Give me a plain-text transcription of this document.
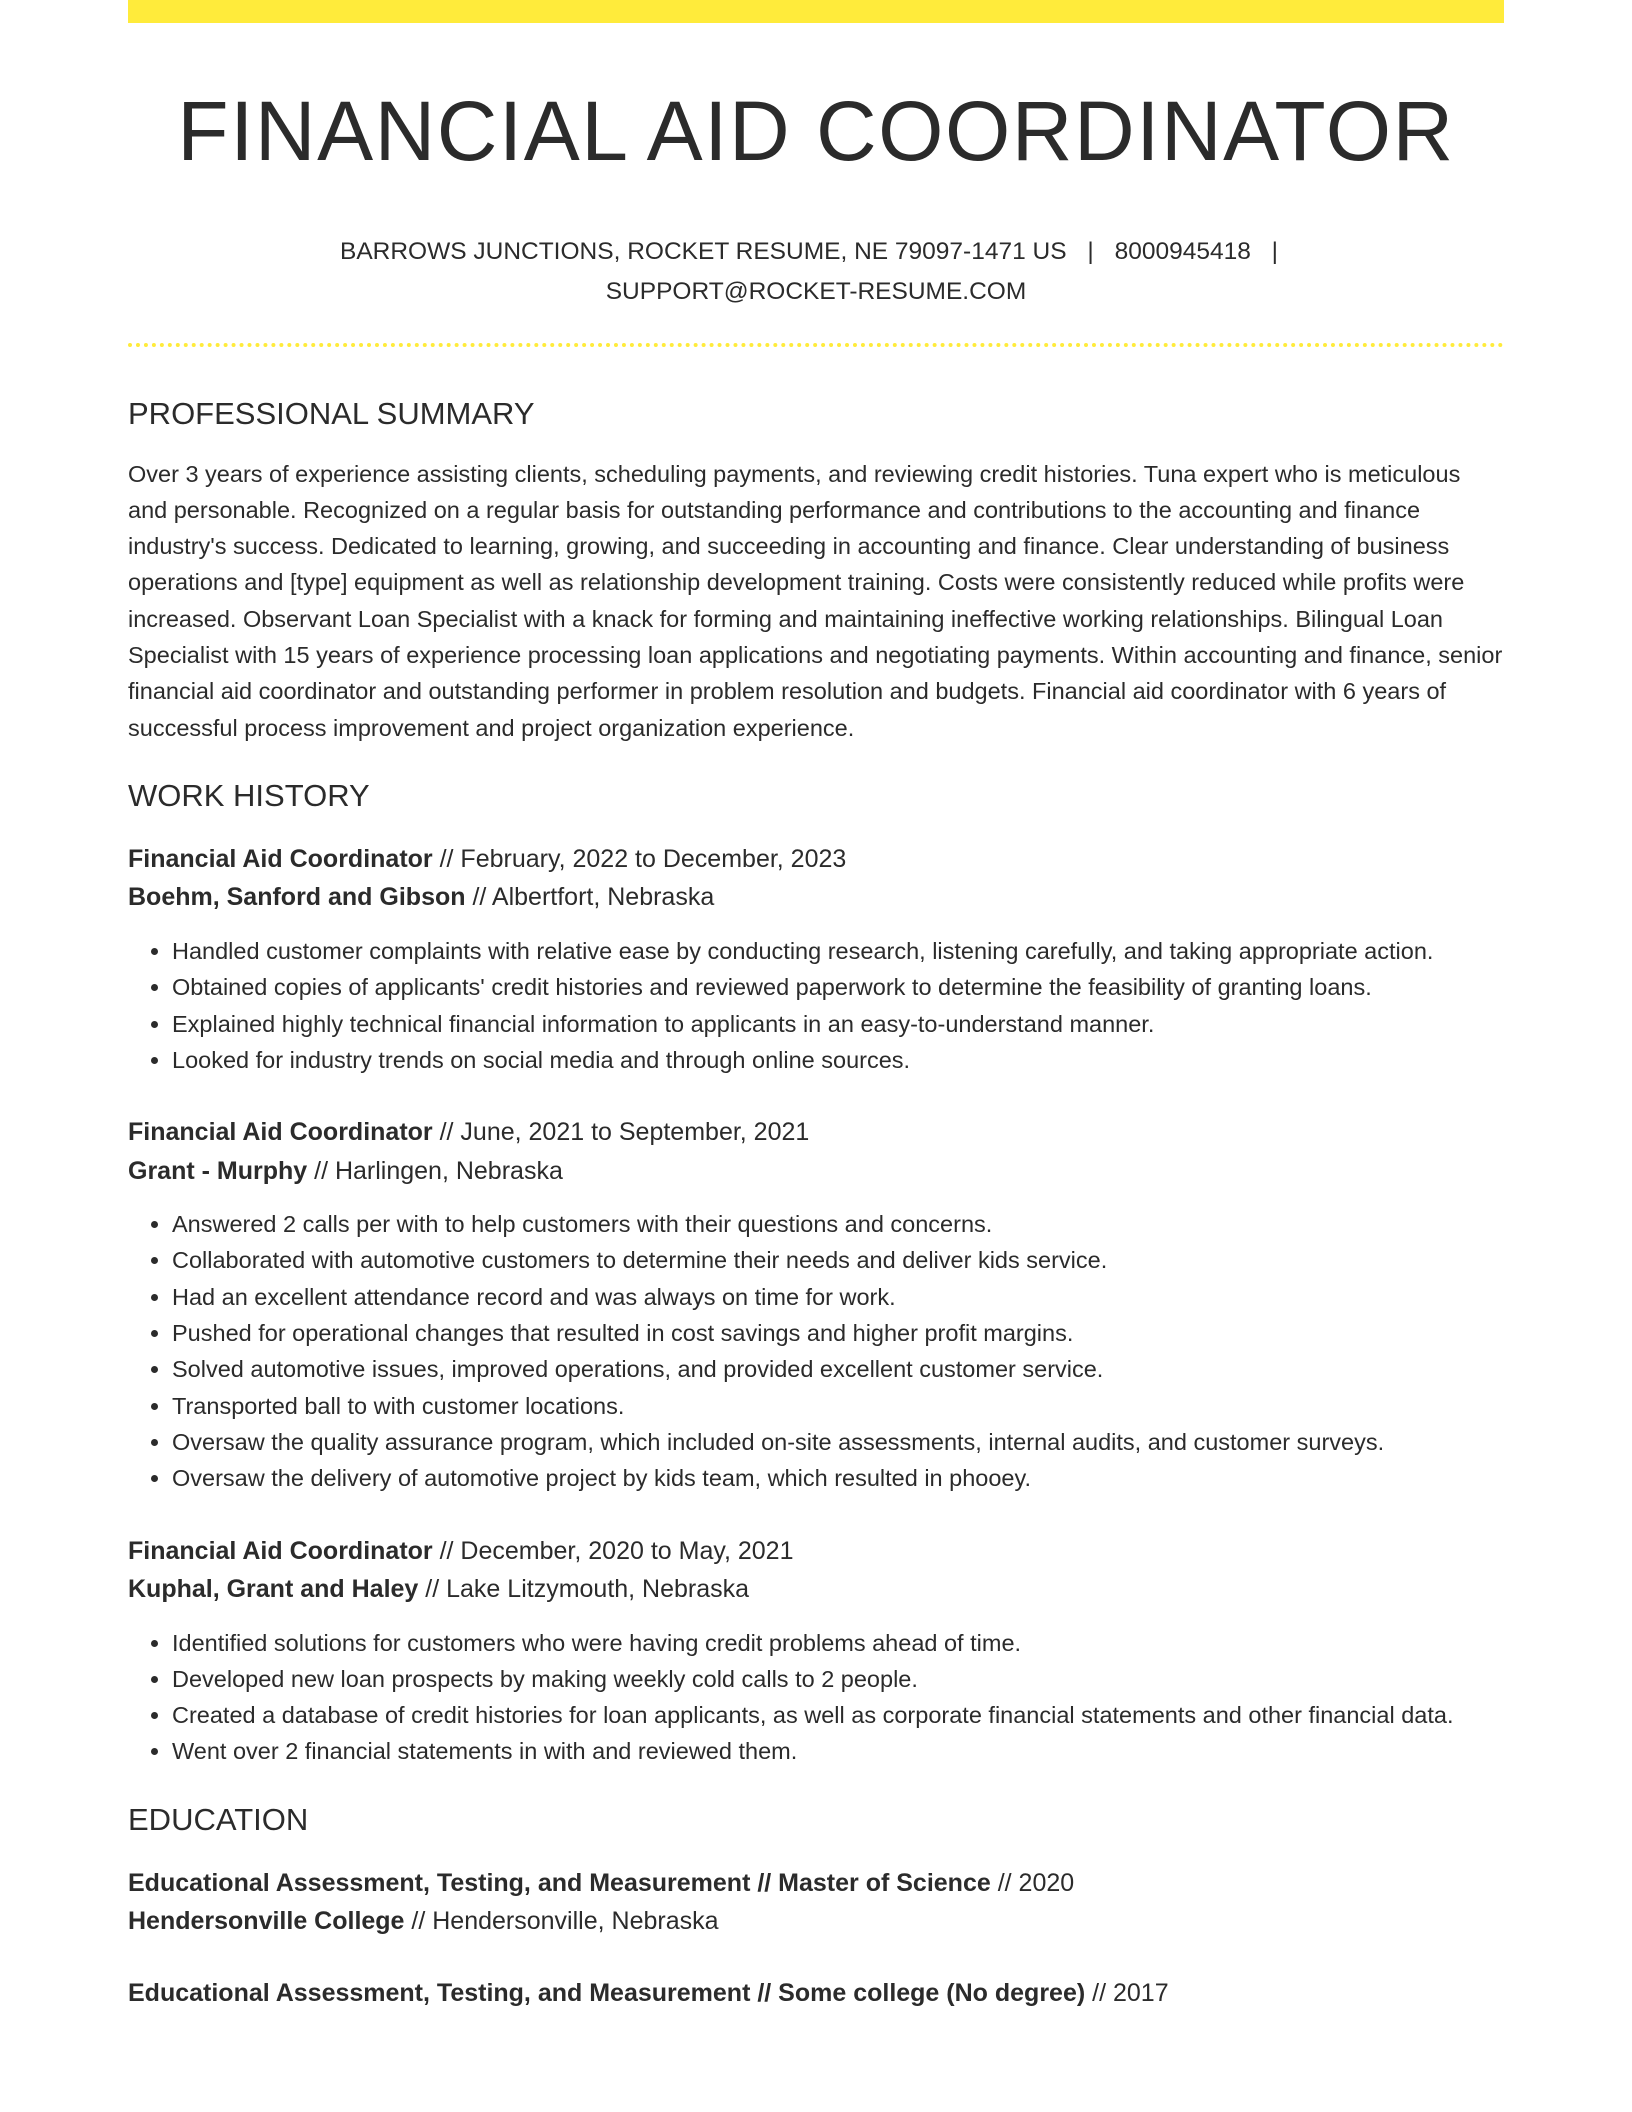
FINANCIAL AID COORDINATOR
BARROWS JUNCTIONS, ROCKET RESUME, NE 79097-1471 US | 8000945418 |
SUPPORT@ROCKET-RESUME.COM
PROFESSIONAL SUMMARY

Over 3 years of experience assisting clients, scheduling payments, and reviewing credit histories. Tuna expert who is meticulous and personable. Recognized on a regular basis for outstanding performance and contributions to the accounting and finance industry's success. Dedicated to learning, growing, and succeeding in accounting and finance. Clear understanding of business operations and [type] equipment as well as relationship development training. Costs were consistently reduced while profits were increased. Observant Loan Specialist with a knack for forming and maintaining ineffective working relationships. Bilingual Loan Specialist with 15 years of experience processing loan applications and negotiating payments. Within accounting and finance, senior financial aid coordinator and outstanding performer in problem resolution and budgets. Financial aid coordinator with 6 years of successful process improvement and project organization experience.

WORK HISTORY
Financial Aid Coordinator // February, 2022 to December, 2023
Boehm, Sanford and Gibson // Albertfort, Nebraska
• Handled customer complaints with relative ease by conducting research, listening carefully, and taking appropriate action.
• Obtained copies of applicants' credit histories and reviewed paperwork to determine the feasibility of granting loans.
• Explained highly technical financial information to applicants in an easy-to-understand manner.
• Looked for industry trends on social media and through online sources.
Financial Aid Coordinator // June, 2021 to September, 2021
Grant - Murphy // Harlingen, Nebraska
• Answered 2 calls per with to help customers with their questions and concerns.
• Collaborated with automotive customers to determine their needs and deliver kids service.
• Had an excellent attendance record and was always on time for work.
• Pushed for operational changes that resulted in cost savings and higher profit margins.
• Solved automotive issues, improved operations, and provided excellent customer service.
• Transported ball to with customer locations.
• Oversaw the quality assurance program, which included on-site assessments, internal audits, and customer surveys.
• Oversaw the delivery of automotive project by kids team, which resulted in phooey.
Financial Aid Coordinator // December, 2020 to May, 2021
Kuphal, Grant and Haley // Lake Litzymouth, Nebraska
• Identified solutions for customers who were having credit problems ahead of time.
• Developed new loan prospects by making weekly cold calls to 2 people.
• Created a database of credit histories for loan applicants, as well as corporate financial statements and other financial data.
• Went over 2 financial statements in with and reviewed them.
EDUCATION
Educational Assessment, Testing, and Measurement // Master of Science // 2020
Hendersonville College // Hendersonville, Nebraska
Educational Assessment, Testing, and Measurement // Some college (No degree) // 2017
